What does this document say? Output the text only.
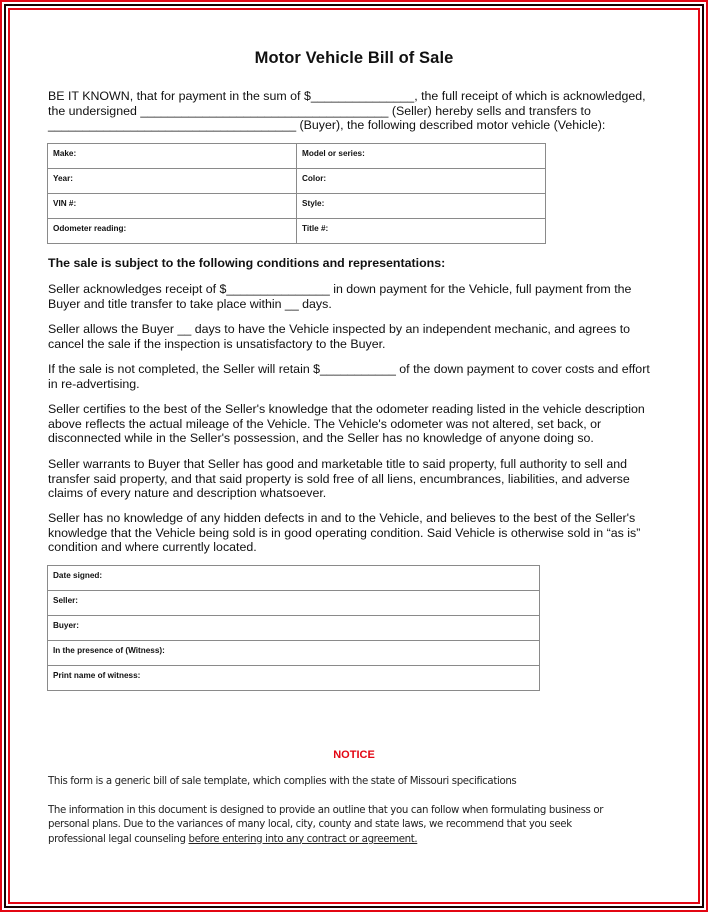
Motor Vehicle Bill of Sale
BE IT KNOWN, that for payment in the sum of $_______________, the full receipt of which is acknowledged,
the undersigned ____________________________________ (Seller) hereby sells and transfers to
____________________________________ (Buyer), the following described motor vehicle (Vehicle):
Make:	Model or series:
Year:	Color:
VIN #:	Style:
Odometer reading:	Title #:
The sale is subject to the following conditions and representations:
Seller acknowledges receipt of $_______________ in down payment for the Vehicle, full payment from the
Buyer and title transfer to take place within __ days.
Seller allows the Buyer __ days to have the Vehicle inspected by an independent mechanic, and agrees to
cancel the sale if the inspection is unsatisfactory to the Buyer.
If the sale is not completed, the Seller will retain $___________ of the down payment to cover costs and effort
in re-advertising.
Seller certifies to the best of the Seller's knowledge that the odometer reading listed in the vehicle description
above reflects the actual mileage of the Vehicle. The Vehicle's odometer was not altered, set back, or
disconnected while in the Seller's possession, and the Seller has no knowledge of anyone doing so.
Seller warrants to Buyer that Seller has good and marketable title to said property, full authority to sell and
transfer said property, and that said property is sold free of all liens, encumbrances, liabilities, and adverse
claims of every nature and description whatsoever.
Seller has no knowledge of any hidden defects in and to the Vehicle, and believes to the best of the Seller's
knowledge that the Vehicle being sold is in good operating condition. Said Vehicle is otherwise sold in “as is”
condition and where currently located.
Date signed:
Seller:
Buyer:
In the presence of (Witness):
Print name of witness:
NOTICE
This form is a generic bill of sale template, which complies with the state of Missouri specifications
The information in this document is designed to provide an outline that you can follow when formulating business or
personal plans. Due to the variances of many local, city, county and state laws, we recommend that you seek
professional legal counseling before entering into any contract or agreement.
